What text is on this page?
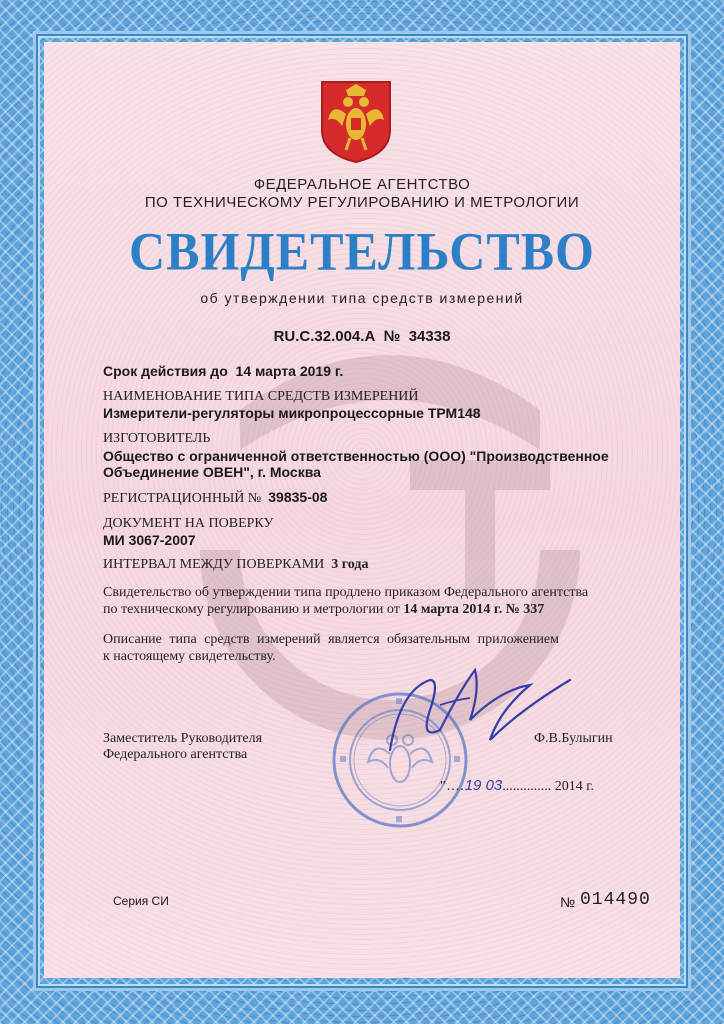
ФЕДЕРАЛЬНОЕ АГЕНТСТВО
ПО ТЕХНИЧЕСКОМУ РЕГУЛИРОВАНИЮ И МЕТРОЛОГИИ
СВИДЕТЕЛЬСТВО
об утверждении типа средств измерений
RU.C.32.004.A № 34338
Срок действия до 14 марта 2019 г.
НАИМЕНОВАНИЕ ТИПА СРЕДСТВ ИЗМЕРЕНИЙ
Измерители-регуляторы микропроцессорные ТРМ148
ИЗГОТОВИТЕЛЬ
Общество с ограниченной ответственностью (ООО) "Производственное
Объединение ОВЕН", г. Москва
РЕГИСТРАЦИОННЫЙ № 39835-08
ДОКУМЕНТ НА ПОВЕРКУ
МИ 3067-2007
ИНТЕРВАЛ МЕЖДУ ПОВЕРКАМИ 3 года
Свидетельство об утверждении типа продлено приказом Федерального агентства
по техническому регулированию и метрологии от 14 марта 2014 г. № 337
Описание типа средств измерений является обязательным приложением
к настоящему свидетельству.
Заместитель Руководителя
Федерального агентства
Ф.В.Булыгин
"....19 03.............. 2014 г.
Серия СИ	№ 014490
